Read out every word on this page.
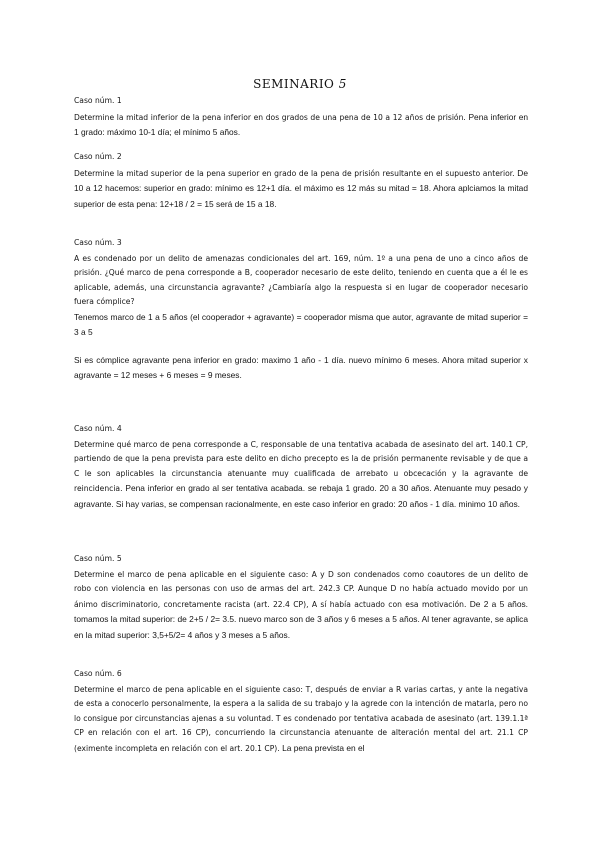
SEMINARIO 5

Caso núm. 1

Determine la mitad inferior de la pena inferior en dos grados de una pena de 10 a 12 años de prisión. Pena inferior en 1 grado: máximo 10-1 día; el mínimo 5 años.

Caso núm. 2

Determine la mitad superior de la pena superior en grado de la pena de prisión resultante en el supuesto anterior. De 10 a 12 hacemos: superior en grado: mínimo es 12+1 día. el máximo es 12 más su mitad = 18. Ahora aplciamos la mitad superior de esta pena: 12+18 / 2 = 15 será de 15 a 18.

Caso núm. 3

A es condenado por un delito de amenazas condicionales del art. 169, núm. 1º a una pena de uno a cinco años de prisión. ¿Qué marco de pena corresponde a B, cooperador necesario de este delito, teniendo en cuenta que a él le es aplicable, además, una circunstancia agravante? ¿Cambiaría algo la respuesta si en lugar de cooperador necesario fuera cómplice?

Tenemos marco de 1 a 5 años (el cooperador + agravante) = cooperador misma que autor, agravante de mitad superior = 3 a 5

Si es cómplice agravante pena inferior en grado: maximo 1 año - 1 día. nuevo mínimo 6 meses. Ahora mitad superior x agravante = 12 meses + 6 meses = 9 meses.

Caso núm. 4

Determine qué marco de pena corresponde a C, responsable de una tentativa acabada de asesinato del art. 140.1 CP, partiendo de que la pena prevista para este delito en dicho precepto es la de prisión permanente revisable y de que a C le son aplicables la circunstancia atenuante muy cualificada de arrebato u obcecación y la agravante de reincidencia. Pena inferior en grado al ser tentativa acabada. se rebaja 1 grado. 20 a 30 años. Atenuante muy pesado y agravante. Si hay varias, se compensan racionalmente, en este caso inferior en grado: 20 años - 1 día. minimo 10 años.

Caso núm. 5

Determine el marco de pena aplicable en el siguiente caso: A y D son condenados como coautores de un delito de robo con violencia en las personas con uso de armas del art. 242.3 CP. Aunque D no había actuado movido por un ánimo discriminatorio, concretamente racista (art. 22.4 CP), A sí había actuado con esa motivación. De 2 a 5 años. tomamos la mitad superior: de 2+5 / 2= 3.5. nuevo marco son de 3 años y 6 meses a 5 años. Al tener agravante, se aplica en la mitad superior: 3,5+5/2= 4 años y 3 meses a 5 años.

Caso núm. 6

Determine el marco de pena aplicable en el siguiente caso: T, después de enviar a R varias cartas, y ante la negativa de esta a conocerlo personalmente, la espera a la salida de su trabajo y la agrede con la intención de matarla, pero no lo consigue por circunstancias ajenas a su voluntad. T es condenado por tentativa acabada de asesinato (art. 139.1.1ª CP en relación con el art. 16 CP), concurriendo la circunstancia atenuante de alteración mental del art. 21.1 CP (eximente incompleta en relación con el art. 20.1 CP). La pena prevista en el
